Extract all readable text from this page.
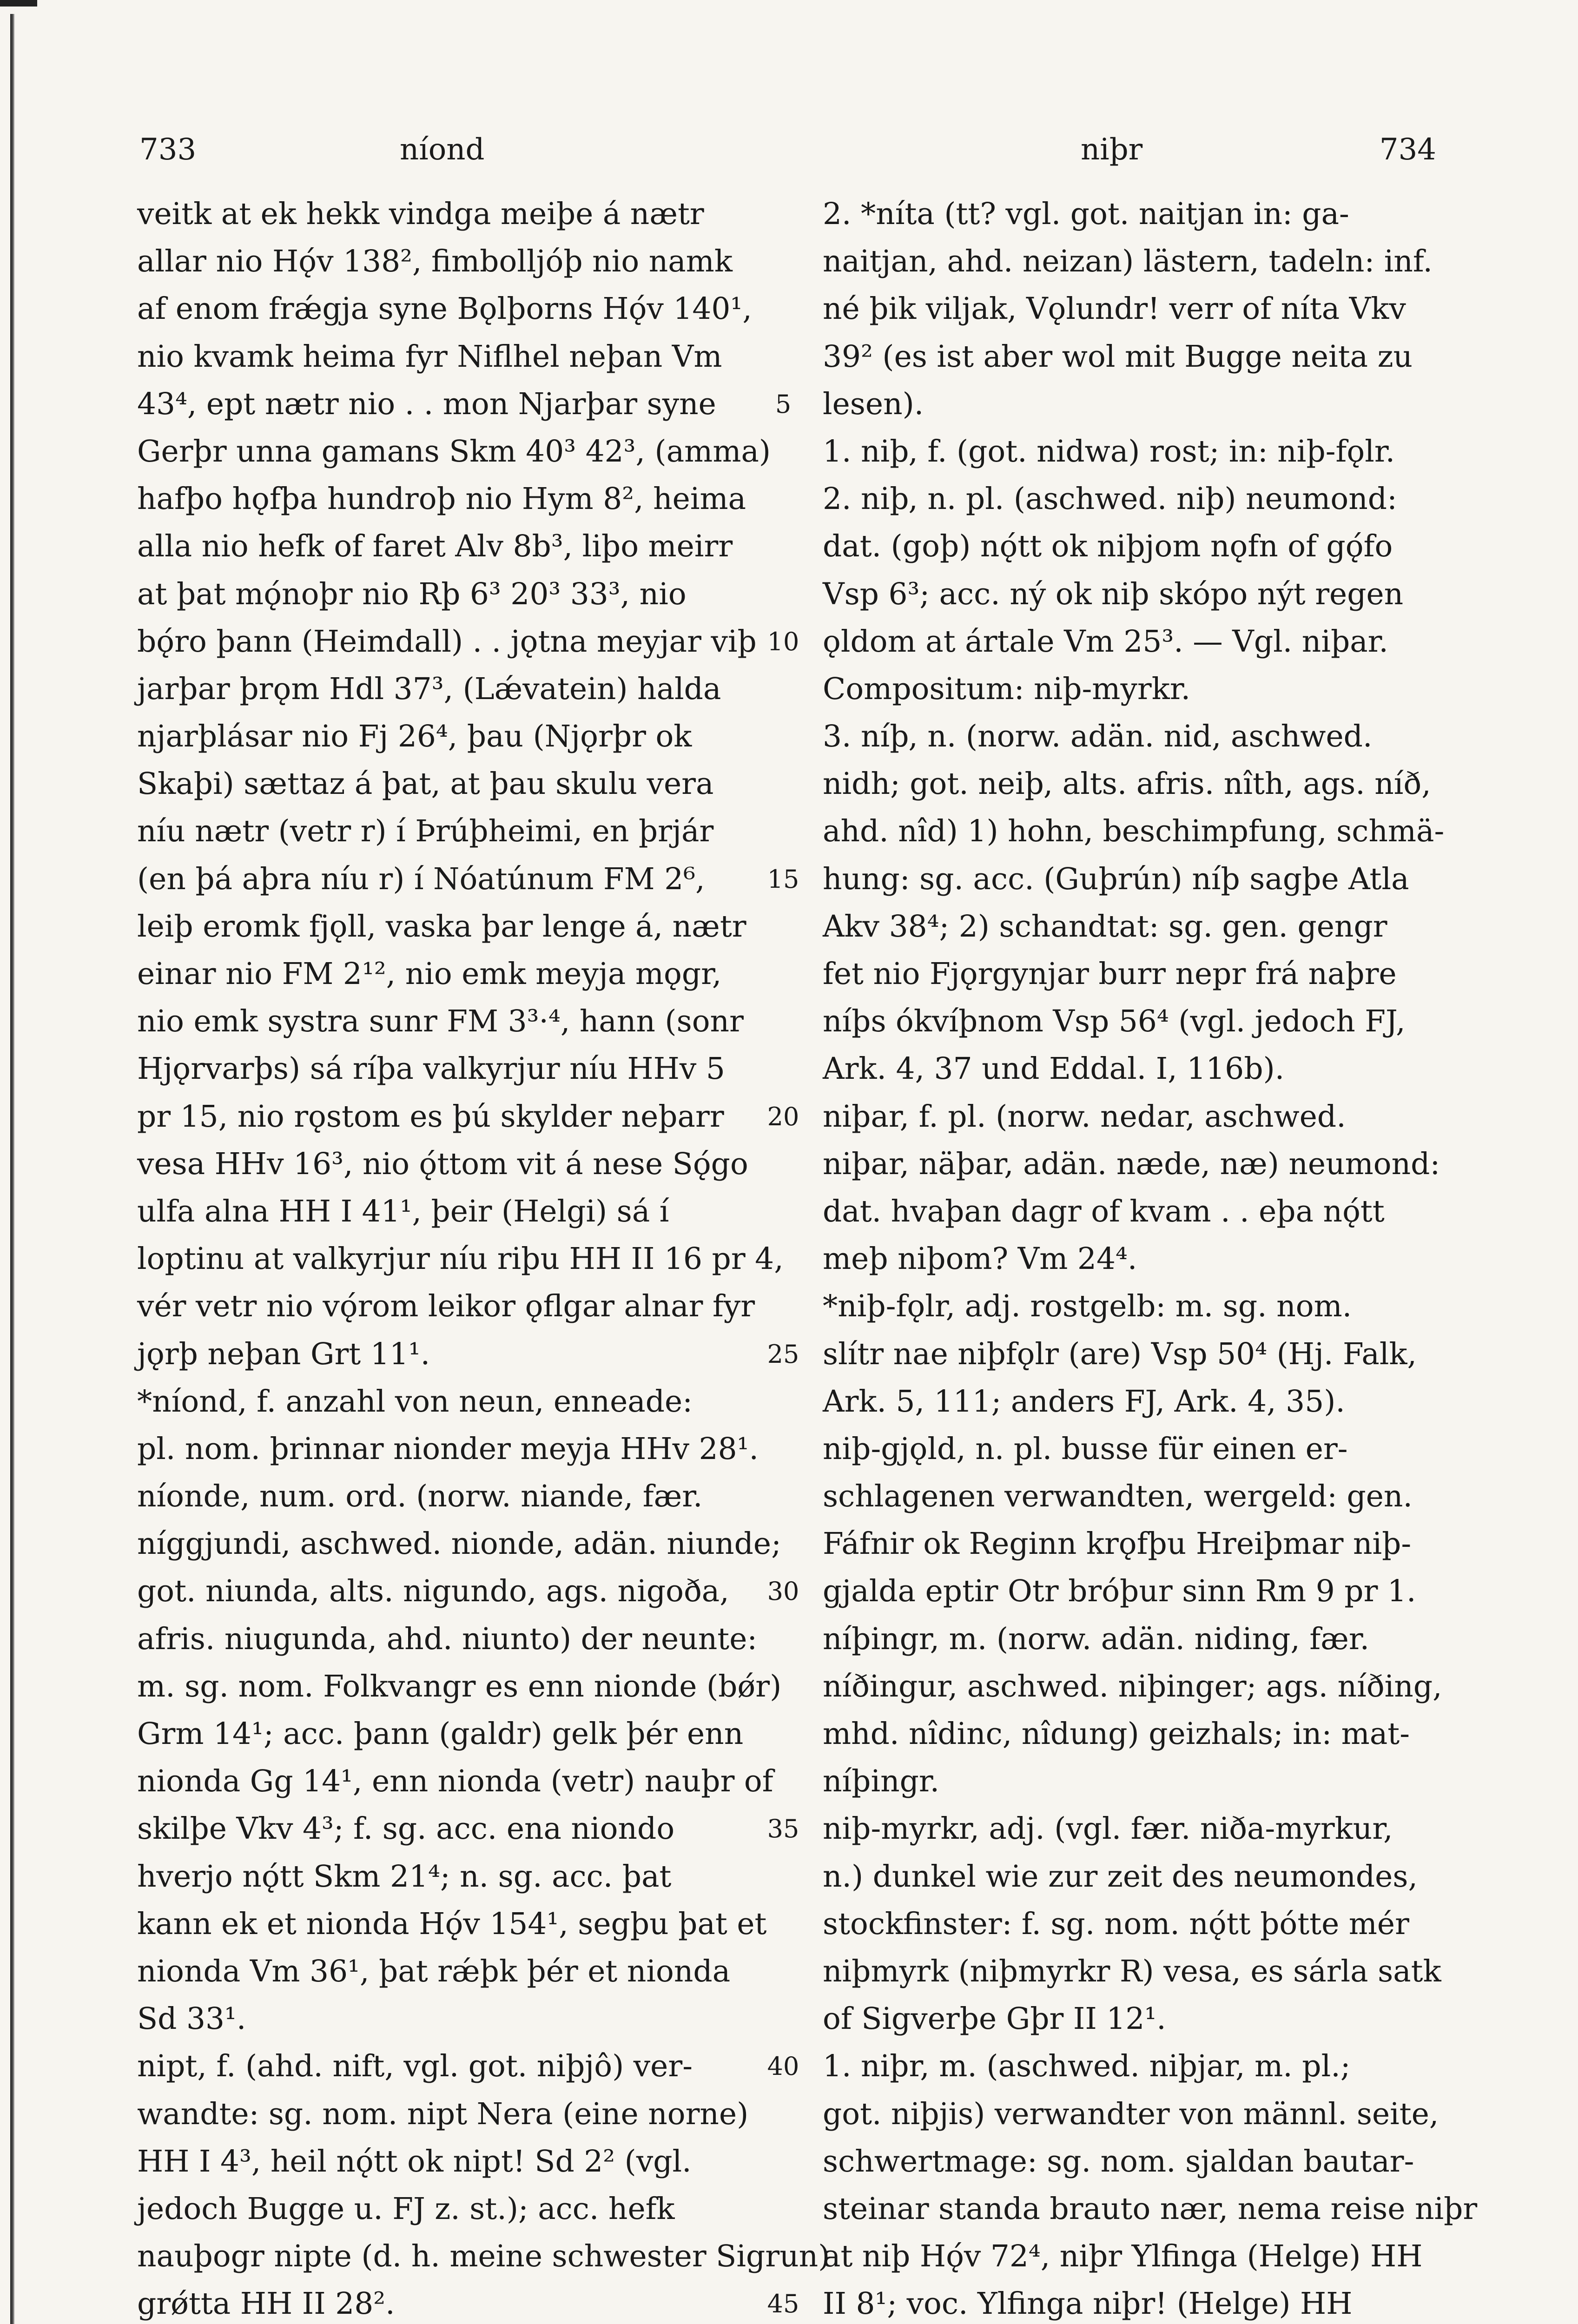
733	níond	niþr	734
veitk at ek hekk vindga meiþe á nætr
allar nio Hǫ́v 138², fimbolljóþ nio namk
af enom frǽgja syne Bǫlþorns Hǫ́v 140¹,
nio kvamk heima fyr Niflhel neþan Vm
43⁴, ept nætr nio . . mon Njarþar syne
Gerþr unna gamans Skm 40³ 42³, (amma)
hafþo hǫfþa hundroþ nio Hym 8², heima
alla nio hefk of faret Alv 8b³, liþo meirr
at þat mǫ́noþr nio Rþ 6³ 20³ 33³, nio
bǫ́ro þann (Heimdall) . . jǫtna meyjar viþ
jarþar þrǫm Hdl 37³, (Lǽvatein) halda
njarþlásar nio Fj 26⁴, þau (Njǫrþr ok
Skaþi) sættaz á þat, at þau skulu vera
níu nætr (vetr r) í Þrúþheimi, en þrjár
(en þá aþra níu r) í Nóatúnum FM 2⁶,
leiþ eromk fjǫll, vaska þar lenge á, nætr
einar nio FM 2¹², nio emk meyja mǫgr,
nio emk systra sunr FM 3³·⁴, hann (sonr
Hjǫrvarþs) sá ríþa valkyrjur níu HHv 5
pr 15, nio rǫstom es þú skylder neþarr
vesa HHv 16³, nio ǫ́ttom vit á nese Sǫ́go
ulfa alna HH I 41¹, þeir (Helgi) sá í
loptinu at valkyrjur níu riþu HH II 16 pr 4,
vér vetr nio vǫ́rom leikor ǫflgar alnar fyr
jǫrþ neþan Grt 11¹.
*níond, f. anzahl von neun, enneade:
pl. nom. þrinnar nionder meyja HHv 28¹.
níonde, num. ord. (norw. niande, fær.
níggjundi, aschwed. nionde, adän. niunde;
got. niunda, alts. nigundo, ags. nigoða,
afris. niugunda, ahd. niunto) der neunte:
m. sg. nom. Folkvangr es enn nionde (bǿr)
Grm 14¹; acc. þann (galdr) gelk þér enn
nionda Gg 14¹, enn nionda (vetr) nauþr of
skilþe Vkv 4³; f. sg. acc. ena niondo
hverjo nǫ́tt Skm 21⁴; n. sg. acc. þat
kann ek et nionda Hǫ́v 154¹, segþu þat et
nionda Vm 36¹, þat rǽþk þér et nionda
Sd 33¹.
nipt, f. (ahd. nift, vgl. got. niþjô) ver-
wandte: sg. nom. nipt Nera (eine norne)
HH I 4³, heil nǫ́tt ok nipt! Sd 2² (vgl.
jedoch Bugge u. FJ z. st.); acc. hefk
nauþogr nipte (d. h. meine schwester Sigrun)
grǿtta HH II 28².
5
10
15
20
25
30
35
40
45
2. *níta (tt? vgl. got. naitjan in: ga-
naitjan, ahd. neizan) lästern, tadeln: inf.
né þik viljak, Vǫlundr! verr of níta Vkv
39² (es ist aber wol mit Bugge neita zu
lesen).
1. niþ, f. (got. nidwa) rost; in: niþ-fǫlr.
2. niþ, n. pl. (aschwed. niþ) neumond:
dat. (goþ) nǫ́tt ok niþjom nǫfn of gǫ́fo
Vsp 6³; acc. ný ok niþ skópo nýt regen
ǫldom at ártale Vm 25³. — Vgl. niþar.
Compositum: niþ-myrkr.
3. níþ, n. (norw. adän. nid, aschwed.
nidh; got. neiþ, alts. afris. nîth, ags. níð,
ahd. nîd) 1) hohn, beschimpfung, schmä-
hung: sg. acc. (Guþrún) níþ sagþe Atla
Akv 38⁴; 2) schandtat: sg. gen. gengr
fet nio Fjǫrgynjar burr nepr frá naþre
níþs ókvíþnom Vsp 56⁴ (vgl. jedoch FJ,
Ark. 4, 37 und Eddal. I, 116b).
niþar, f. pl. (norw. nedar, aschwed.
niþar, näþar, adän. næde, næ) neumond:
dat. hvaþan dagr of kvam . . eþa nǫ́tt
meþ niþom? Vm 24⁴.
*niþ-fǫlr, adj. rostgelb: m. sg. nom.
slítr nae niþfǫlr (are) Vsp 50⁴ (Hj. Falk,
Ark. 5, 111; anders FJ, Ark. 4, 35).
niþ-gjǫld, n. pl. busse für einen er-
schlagenen verwandten, wergeld: gen.
Fáfnir ok Reginn krǫfþu Hreiþmar niþ-
gjalda eptir Otr bróþur sinn Rm 9 pr 1.
níþingr, m. (norw. adän. niding, fær.
níðingur, aschwed. niþinger; ags. níðing,
mhd. nîdinc, nîdung) geizhals; in: mat-
níþingr.
niþ-myrkr, adj. (vgl. fær. niða-myrkur,
n.) dunkel wie zur zeit des neumondes,
stockfinster: f. sg. nom. nǫ́tt þótte mér
niþmyrk (niþmyrkr R) vesa, es sárla satk
of Sigverþe Gþr II 12¹.
1. niþr, m. (aschwed. niþjar, m. pl.;
got. niþjis) verwandter von männl. seite,
schwertmage: sg. nom. sjaldan bautar-
steinar standa brauto nær, nema reise niþr
at niþ Hǫ́v 72⁴, niþr Ylfinga (Helge) HH
II 8¹; voc. Ylfinga niþr! (Helge) HH
